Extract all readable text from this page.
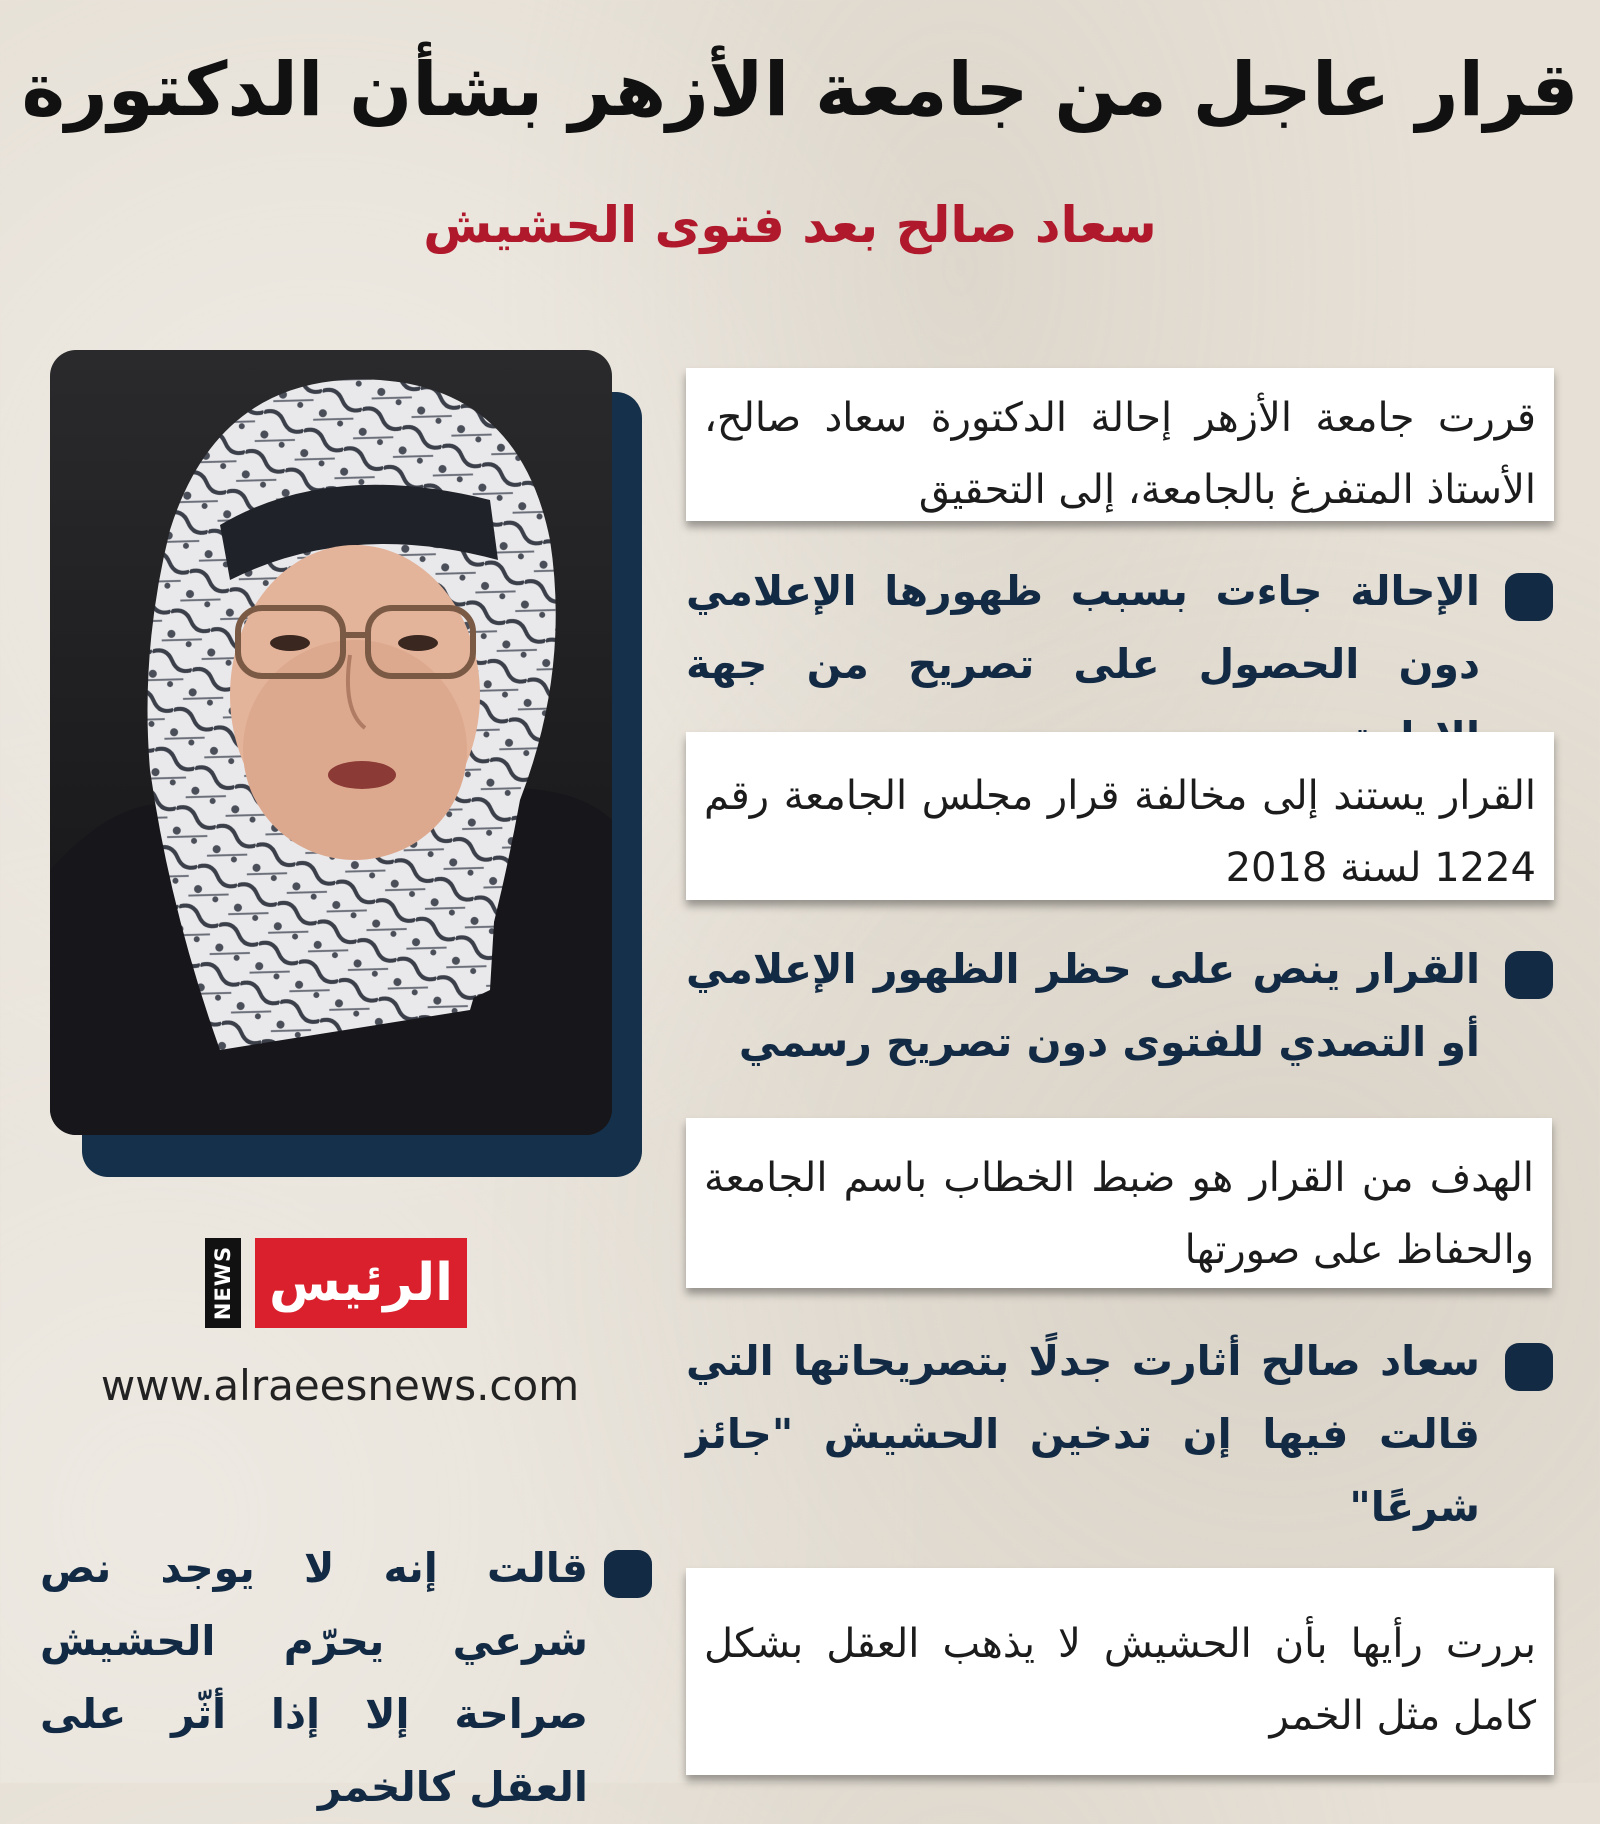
قرار عاجل من جامعة الأزهر بشأن الدكتورة
سعاد صالح بعد فتوى الحشيش
قررت جامعة الأزهر إحالة الدكتورة سعاد صالح، الأستاذ المتفرغ بالجامعة، إلى التحقيق
الإحالة جاءت بسبب ظهورها الإعلامي دون الحصول على تصريح من جهة
القرار يستند إلى مخالفة قرار مجلس الجامعة رقم 1224 لسنة 2018
القرار ينص على حظر الظهور الإعلامي أو التصدي للفتوى دون تصريح رسمي
الهدف من القرار هو ضبط الخطاب باسم الجامعة والحفاظ على صورتها
سعاد صالح أثارت جدلًا بتصريحاتها التي قالت فيها إن تدخين الحشيش "جائز شرعًا"
بررت رأيها بأن الحشيش لا يذهب العقل بشكل كامل مثل الخمر
قالت إنه لا يوجد نص شرعي يحرّم الحشيش صراحة إلا إذا أثّر على العقل كالخمر
NEWS الرئيس
www.alraeesnews.com
